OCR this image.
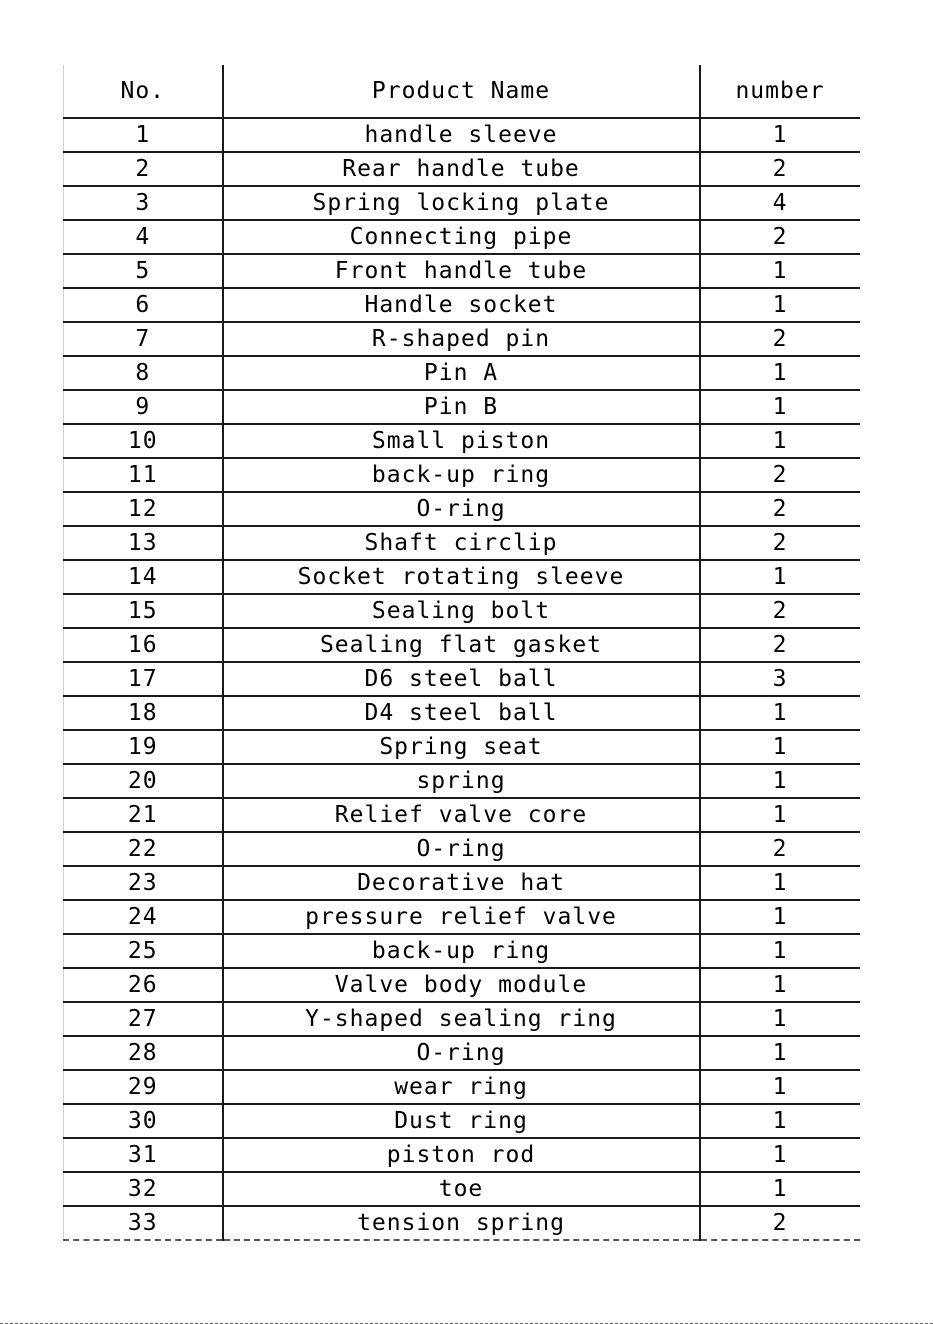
No.	Product Name	number
1	handle sleeve	1
2	Rear handle tube	2
3	Spring locking plate	4
4	Connecting pipe	2
5	Front handle tube	1
6	Handle socket	1
7	R-shaped pin	2
8	Pin A	1
9	Pin B	1
10	Small piston	1
11	back-up ring	2
12	O-ring	2
13	Shaft circlip	2
14	Socket rotating sleeve	1
15	Sealing bolt	2
16	Sealing flat gasket	2
17	D6 steel ball	3
18	D4 steel ball	1
19	Spring seat	1
20	spring	1
21	Relief valve core	1
22	O-ring	2
23	Decorative hat	1
24	pressure relief valve	1
25	back-up ring	1
26	Valve body module	1
27	Y-shaped sealing ring	1
28	O-ring	1
29	wear ring	1
30	Dust ring	1
31	piston rod	1
32	toe	1
33	tension spring	2
